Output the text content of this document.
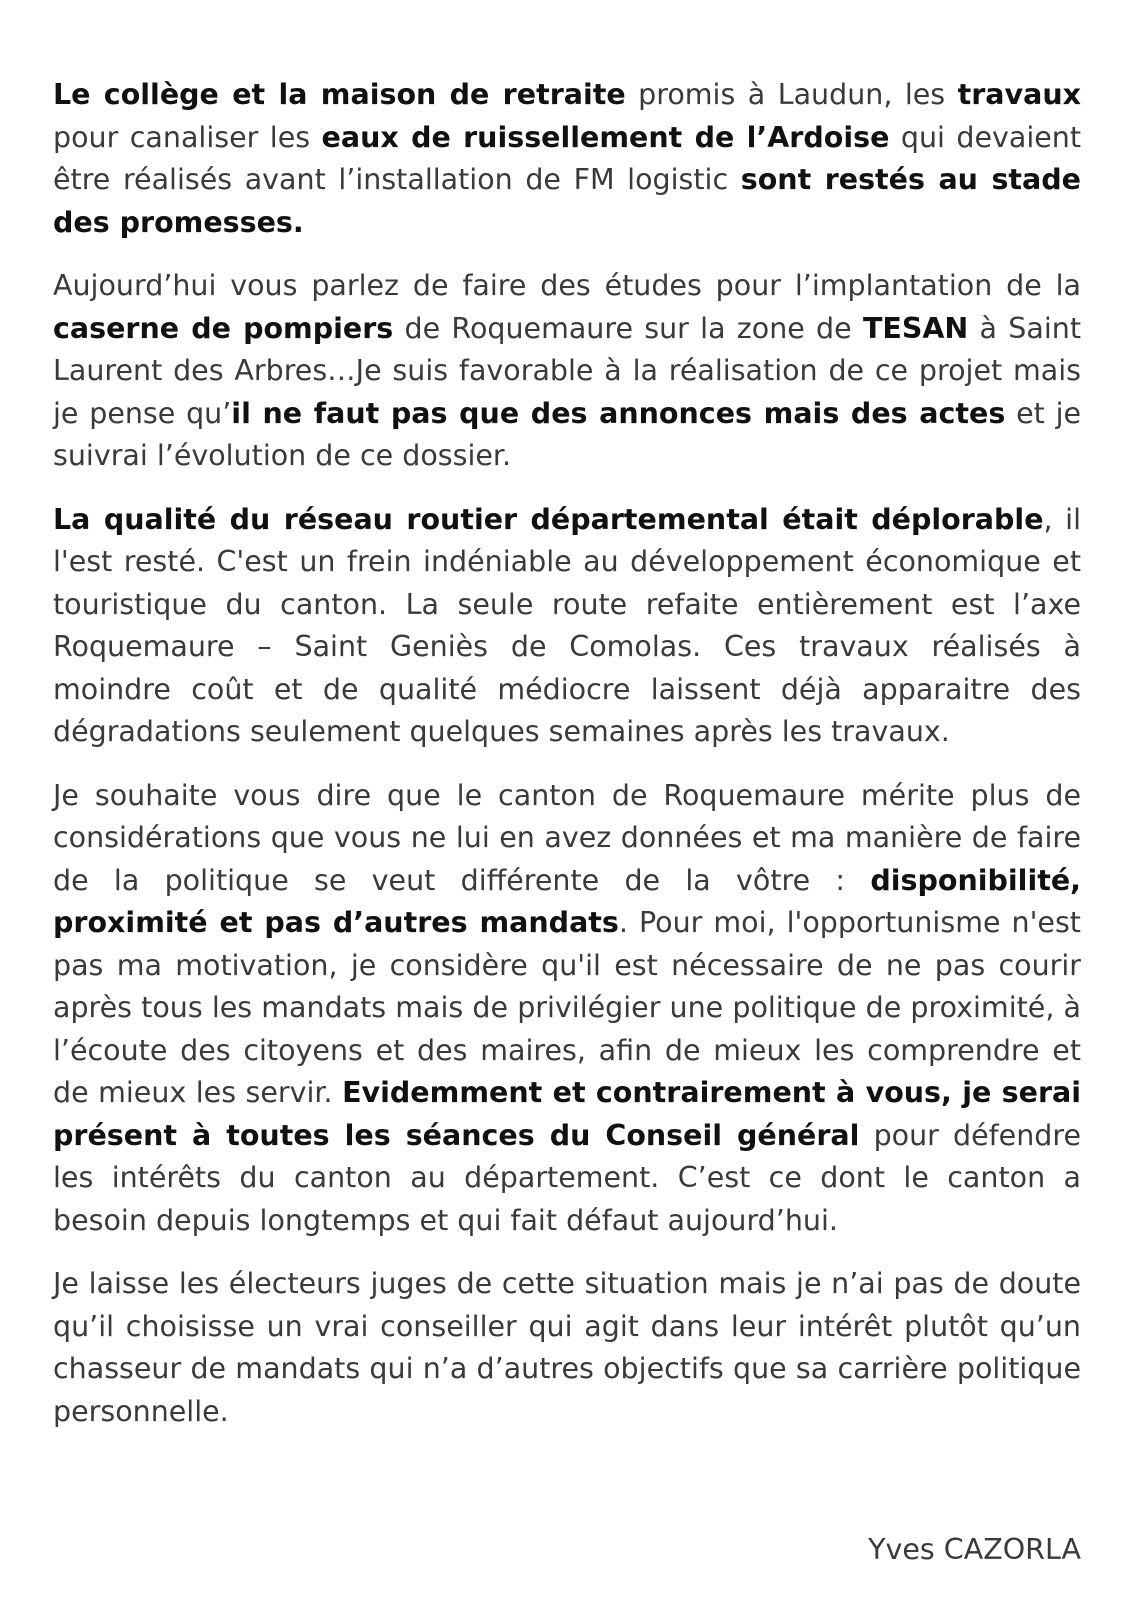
Le collège et la maison de retraite promis à Laudun, les travaux pour canaliser les eaux de ruissellement de l’Ardoise qui devaient être réalisés avant l’installation de FM logistic sont restés au stade des promesses.

Aujourd’hui vous parlez de faire des études pour l’implantation de la caserne de pompiers de Roquemaure sur la zone de TESAN à Saint Laurent des Arbres…Je suis favorable à la réalisation de ce projet mais je pense qu’il ne faut pas que des annonces mais des actes et je suivrai l’évolution de ce dossier.

La qualité du réseau routier départemental était déplorable, il l'est resté. C'est un frein indéniable au développement économique et touristique du canton. La seule route refaite entièrement est l’axe Roquemaure – Saint Geniès de Comolas. Ces travaux réalisés à moindre coût et de qualité médiocre laissent déjà apparaitre des dégradations seulement quelques semaines après les travaux.

Je souhaite vous dire que le canton de Roquemaure mérite plus de considérations que vous ne lui en avez données et ma manière de faire de la politique se veut différente de la vôtre : disponibilité, proximité et pas d’autres mandats. Pour moi, l'opportunisme n'est pas ma motivation, je considère qu'il est nécessaire de ne pas courir après tous les mandats mais de privilégier une politique de proximité, à l’écoute des citoyens et des maires, afin de mieux les comprendre et de mieux les servir. Evidemment et contrairement à vous, je serai présent à toutes les séances du Conseil général pour défendre les intérêts du canton au département. C’est ce dont le canton a besoin depuis longtemps et qui fait défaut aujourd’hui.

Je laisse les électeurs juges de cette situation mais je n’ai pas de doute qu’il choisisse un vrai conseiller qui agit dans leur intérêt plutôt qu’un chasseur de mandats qui n’a d’autres objectifs que sa carrière politique personnelle.

Yves CAZORLA
